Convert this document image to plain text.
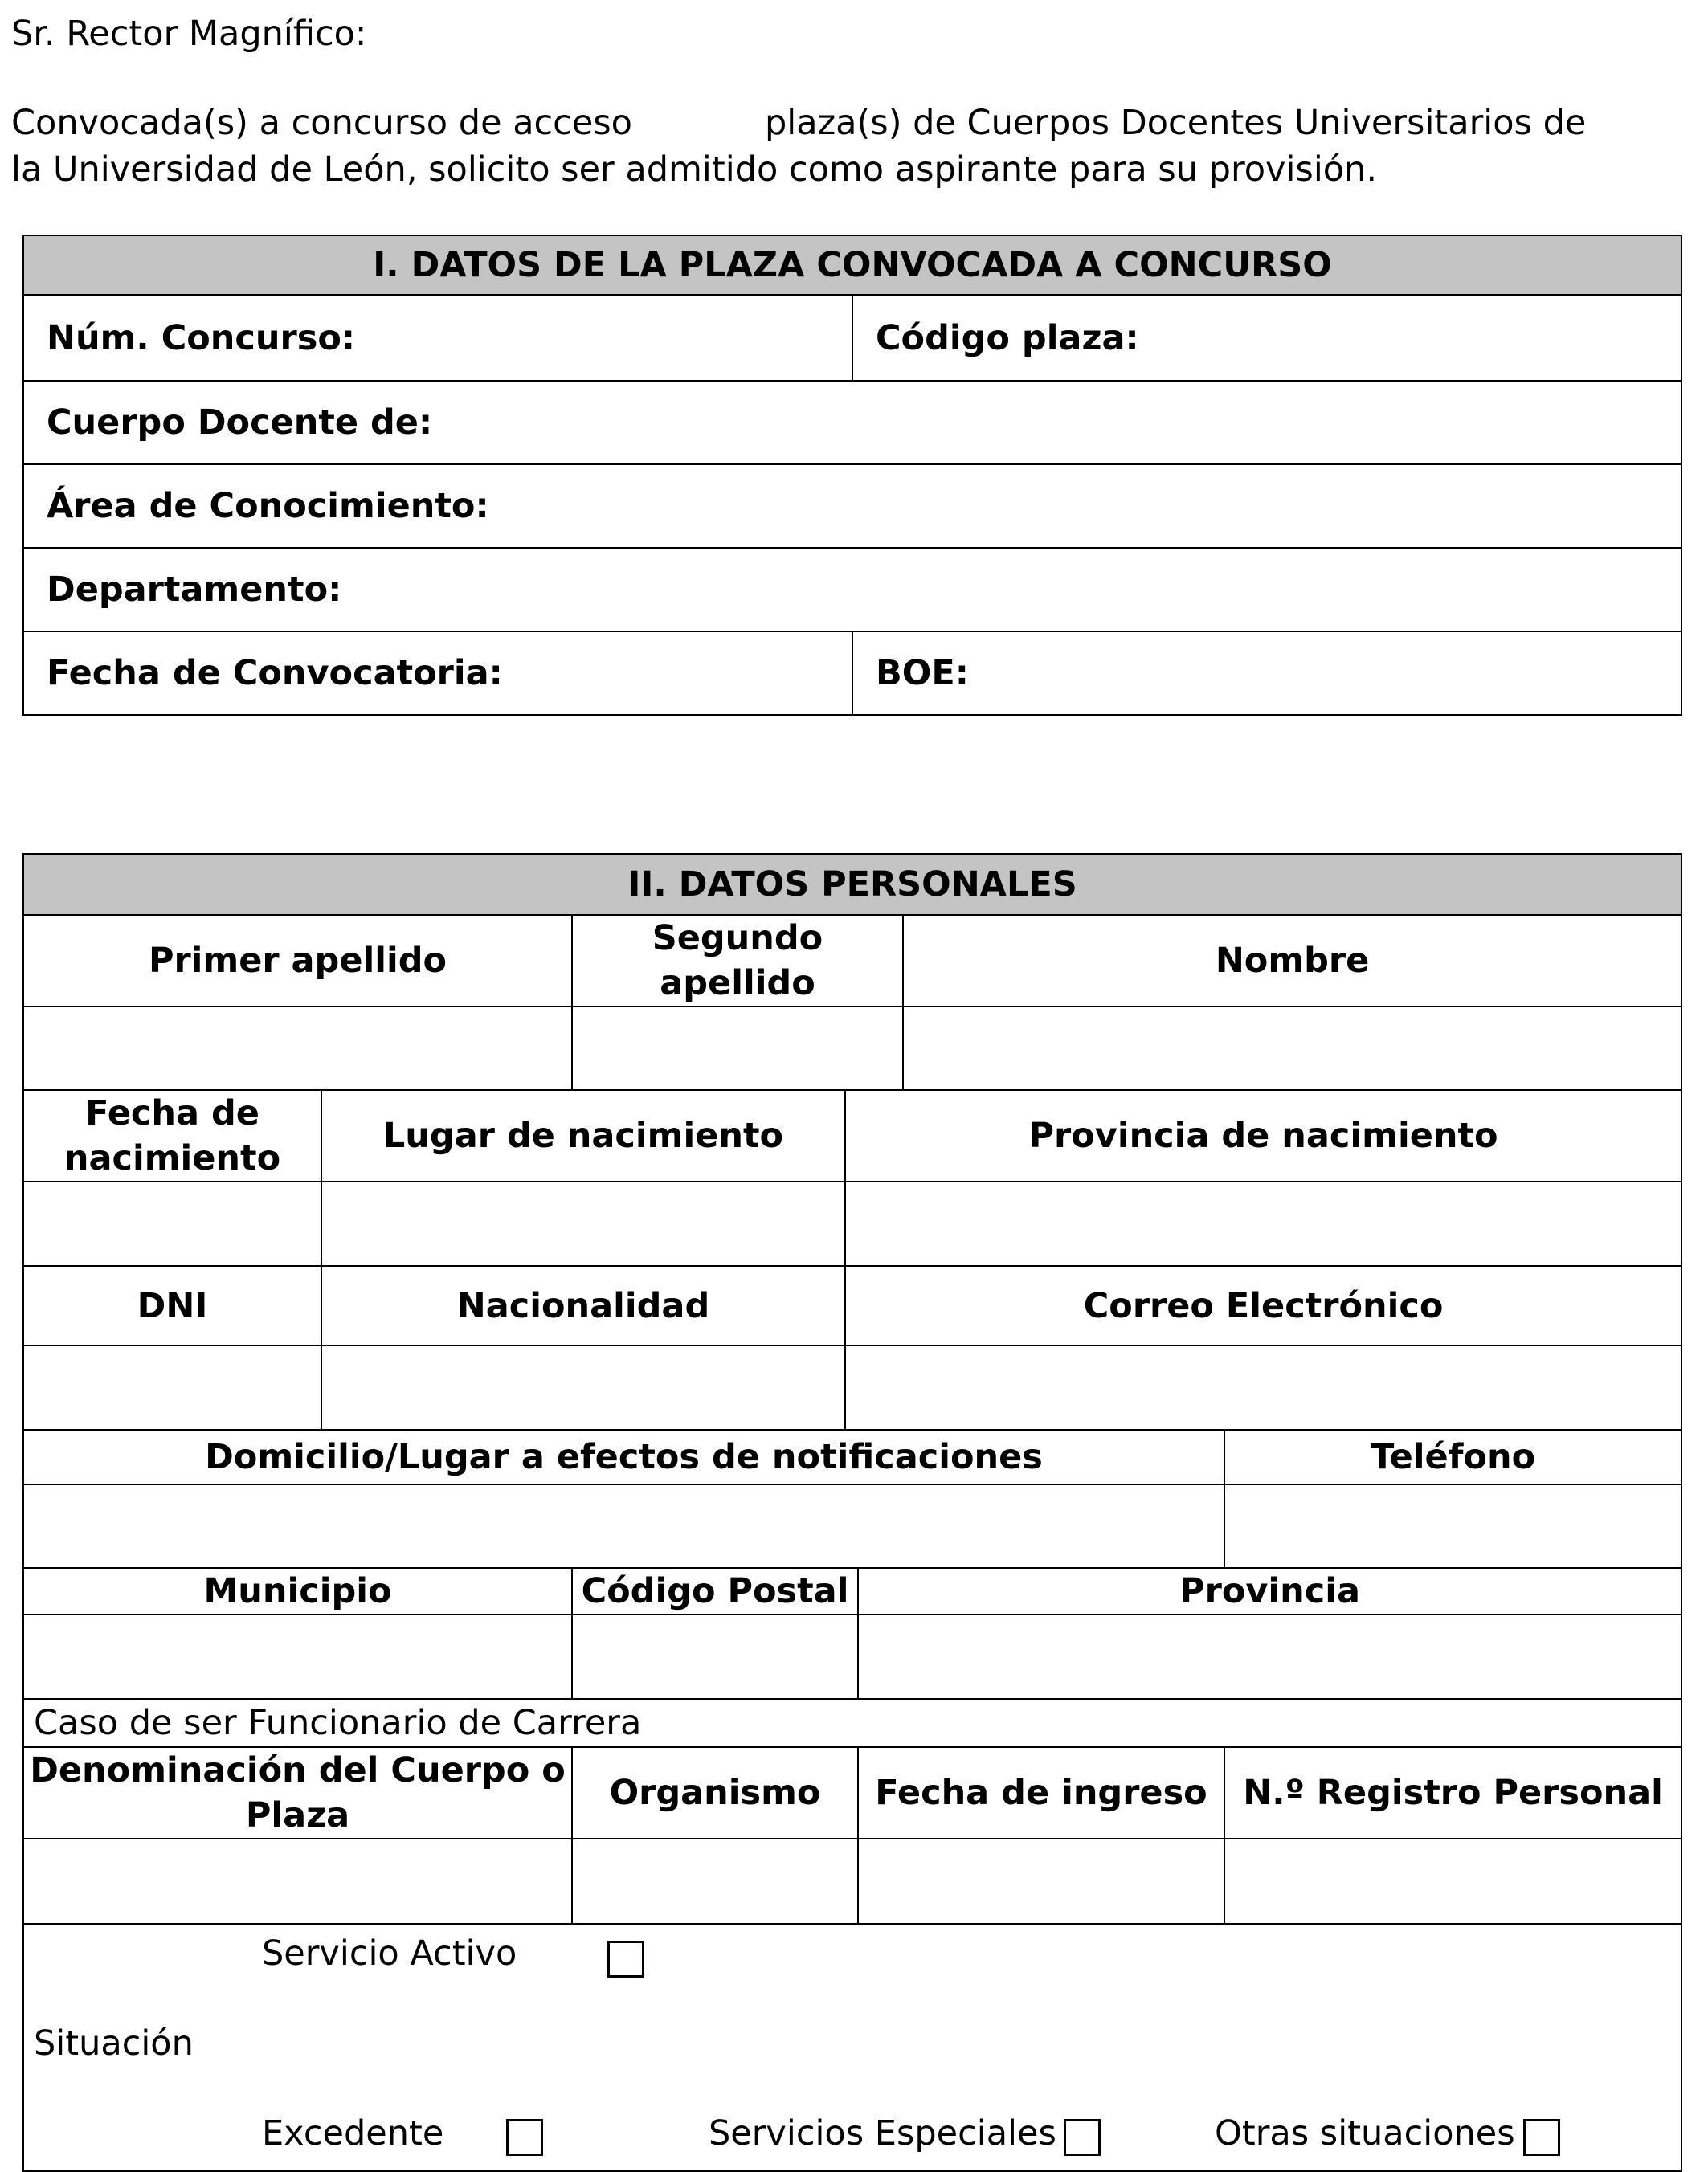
Sr. Rector Magnífico:
Convocada(s) a concurso de acceso	plaza(s) de Cuerpos Docentes Universitarios de
la Universidad de León, solicito ser admitido como aspirante para su provisión.
I. DATOS DE LA PLAZA CONVOCADA A CONCURSO	
Núm. Concurso:	Código plaza:
Cuerpo Docente de:	
Área de Conocimiento:	
Departamento:	
Fecha de Convocatoria:	BOE:
II. DATOS PERSONALES						
Primer apellido		Segundo apellido			Nombre	

Fecha de nacimiento	Lugar de nacimiento		Provincia de nacimiento			

DNI	Nacionalidad		Correo Electrónico			

Domicilio/Lugar a efectos de notificaciones						Teléfono

Municipio		Código Postal		Provincia		

Caso de ser Funcionario de Carrera						
Denominación del Cuerpo o Plaza		Organismo		Fecha de ingreso		N.º Registro Personal

Servicio Activo
Situación
Excedente Servicios Especiales Otras situaciones						
